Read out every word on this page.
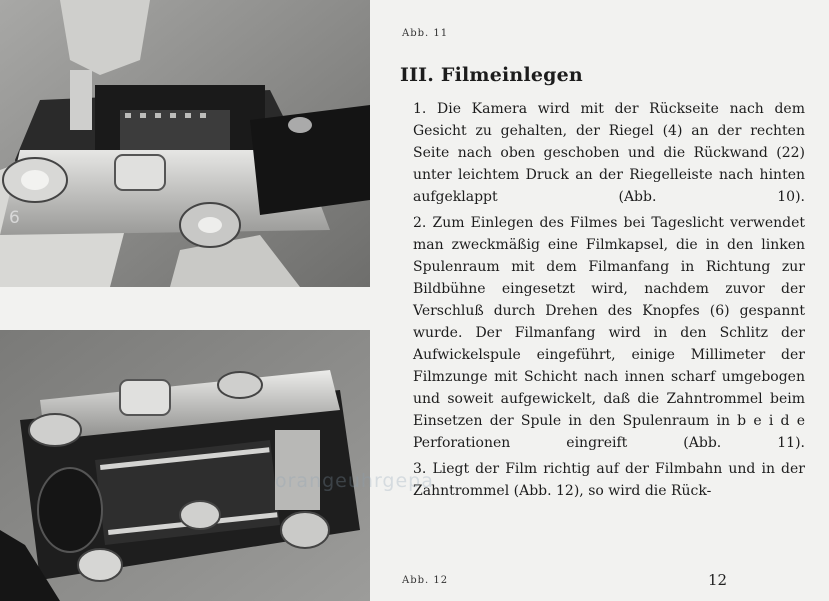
6
Abb. 11
III. Filmeinlegen

1. Die Kamera wird mit der Rückseite nach dem Gesicht zu gehalten, der Riegel (4) an der rechten Seite nach oben geschoben und die Rückwand (22) unter leichtem Druck an der Riegelleiste nach hinten aufgeklappt (Abb. 10).

2. Zum Einlegen des Filmes bei Tageslicht verwendet man zweckmäßig eine Filmkapsel, die in den linken Spulenraum mit dem Filmanfang in Richtung zur Bildbühne eingesetzt wird, nachdem zuvor der Verschluß durch Drehen des Knopfes (6) gespannt wurde. Der Filmanfang wird in den Schlitz der Aufwickelspule eingeführt, einige Millimeter der Filmzunge mit Schicht nach innen scharf umgebogen und soweit aufgewickelt, daß die Zahntrommel beim Einsetzen der Spule in den Spulenraum in b e i d e Perforationen eingreift (Abb. 11).

3. Liegt der Film richtig auf der Filmbahn und in der Zahntrommel (Abb. 12), so wird die Rück-

orangeuhrgepa
Abb. 12	12
